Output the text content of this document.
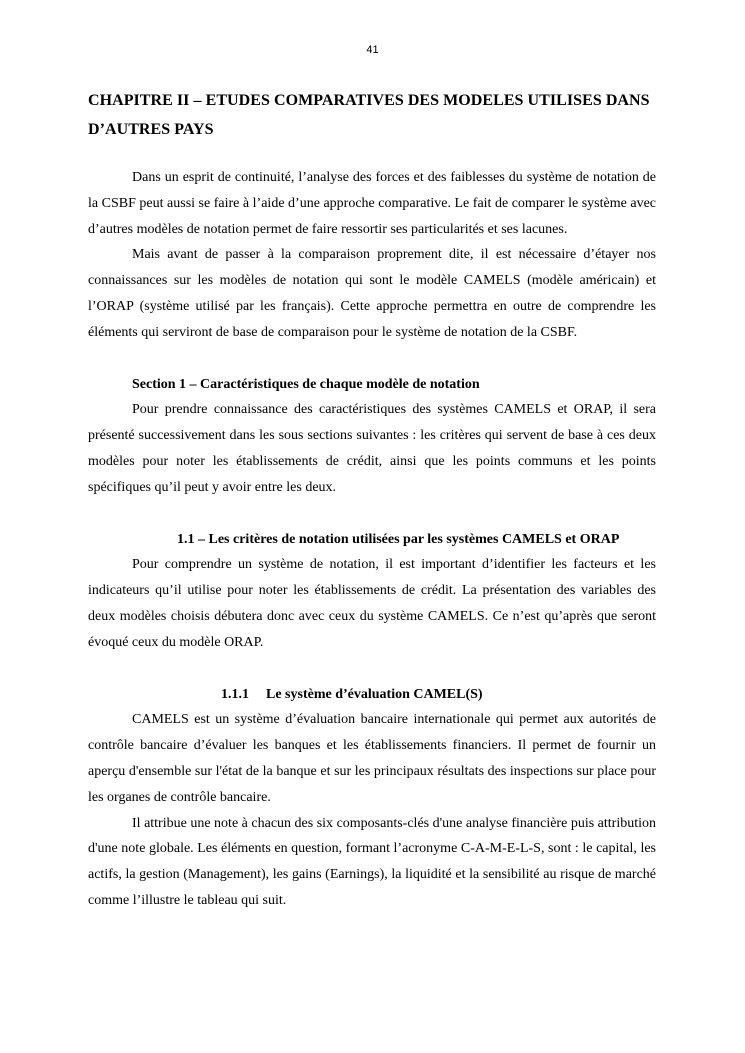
41
CHAPITRE II – ETUDES COMPARATIVES DES MODELES UTILISES DANS D’AUTRES PAYS

Dans un esprit de continuité, l’analyse des forces et des faiblesses du système de notation de la CSBF peut aussi se faire à l’aide d’une approche comparative. Le fait de comparer le système avec d’autres modèles de notation permet de faire ressortir ses particularités et ses lacunes.

Mais avant de passer à la comparaison proprement dite, il est nécessaire d’étayer nos connaissances sur les modèles de notation qui sont le modèle CAMELS (modèle américain) et l’ORAP (système utilisé par les français). Cette approche permettra en outre de comprendre les éléments qui serviront de base de comparaison pour le système de notation de la CSBF.

Section 1 – Caractéristiques de chaque modèle de notation

Pour prendre connaissance des caractéristiques des systèmes CAMELS et ORAP, il sera présenté successivement dans les sous sections suivantes : les critères qui servent de base à ces deux modèles pour noter les établissements de crédit, ainsi que les points communs et les points spécifiques qu’il peut y avoir entre les deux.

1.1 – Les critères de notation utilisées par les systèmes CAMELS et ORAP

Pour comprendre un système de notation, il est important d’identifier les facteurs et les indicateurs qu’il utilise pour noter les établissements de crédit. La présentation des variables des deux modèles choisis débutera donc avec ceux du système CAMELS. Ce n’est qu’après que seront évoqué ceux du modèle ORAP.

1.1.1 Le système d’évaluation CAMEL(S)

CAMELS est un système d’évaluation bancaire internationale qui permet aux autorités de contrôle bancaire d’évaluer les banques et les établissements financiers. Il permet de fournir un aperçu d'ensemble sur l'état de la banque et sur les principaux résultats des inspections sur place pour les organes de contrôle bancaire.

Il attribue une note à chacun des six composants-clés d'une analyse financière puis attribution d'une note globale. Les éléments en question, formant l’acronyme C-A-M-E-L-S, sont : le capital, les actifs, la gestion (Management), les gains (Earnings), la liquidité et la sensibilité au risque de marché comme l’illustre le tableau qui suit.
